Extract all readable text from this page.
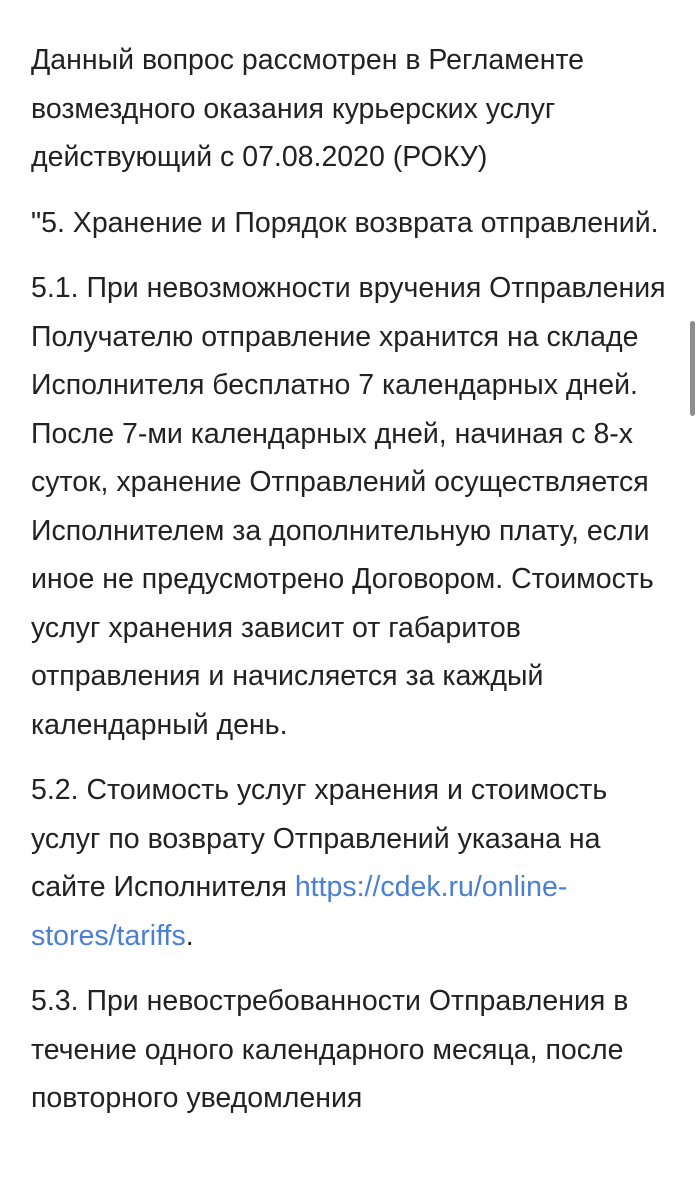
Данный вопрос рассмотрен в Регламенте возмездного оказания курьерских услуг действующий с 07.08.2020 (РОКУ)

"5. Хранение и Порядок возврата отправлений.

5.1. При невозможности вручения Отправления Получателю отправление хранится на складе Исполнителя бесплатно 7 календарных дней. После 7-ми календарных дней, начиная с 8-х суток, хранение Отправлений осуществляется Исполнителем за дополнительную плату, если иное не предусмотрено Договором. Стоимость услуг хранения зависит от габаритов отправления и начисляется за каждый календарный день.

5.2. Стоимость услуг хранения и стоимость услуг по возврату Отправлений указана на сайте Исполнителя https://cdek.ru/online-stores/tariffs.

5.3. При невостребованности Отправления в течение одного календарного месяца, после повторного уведомления
